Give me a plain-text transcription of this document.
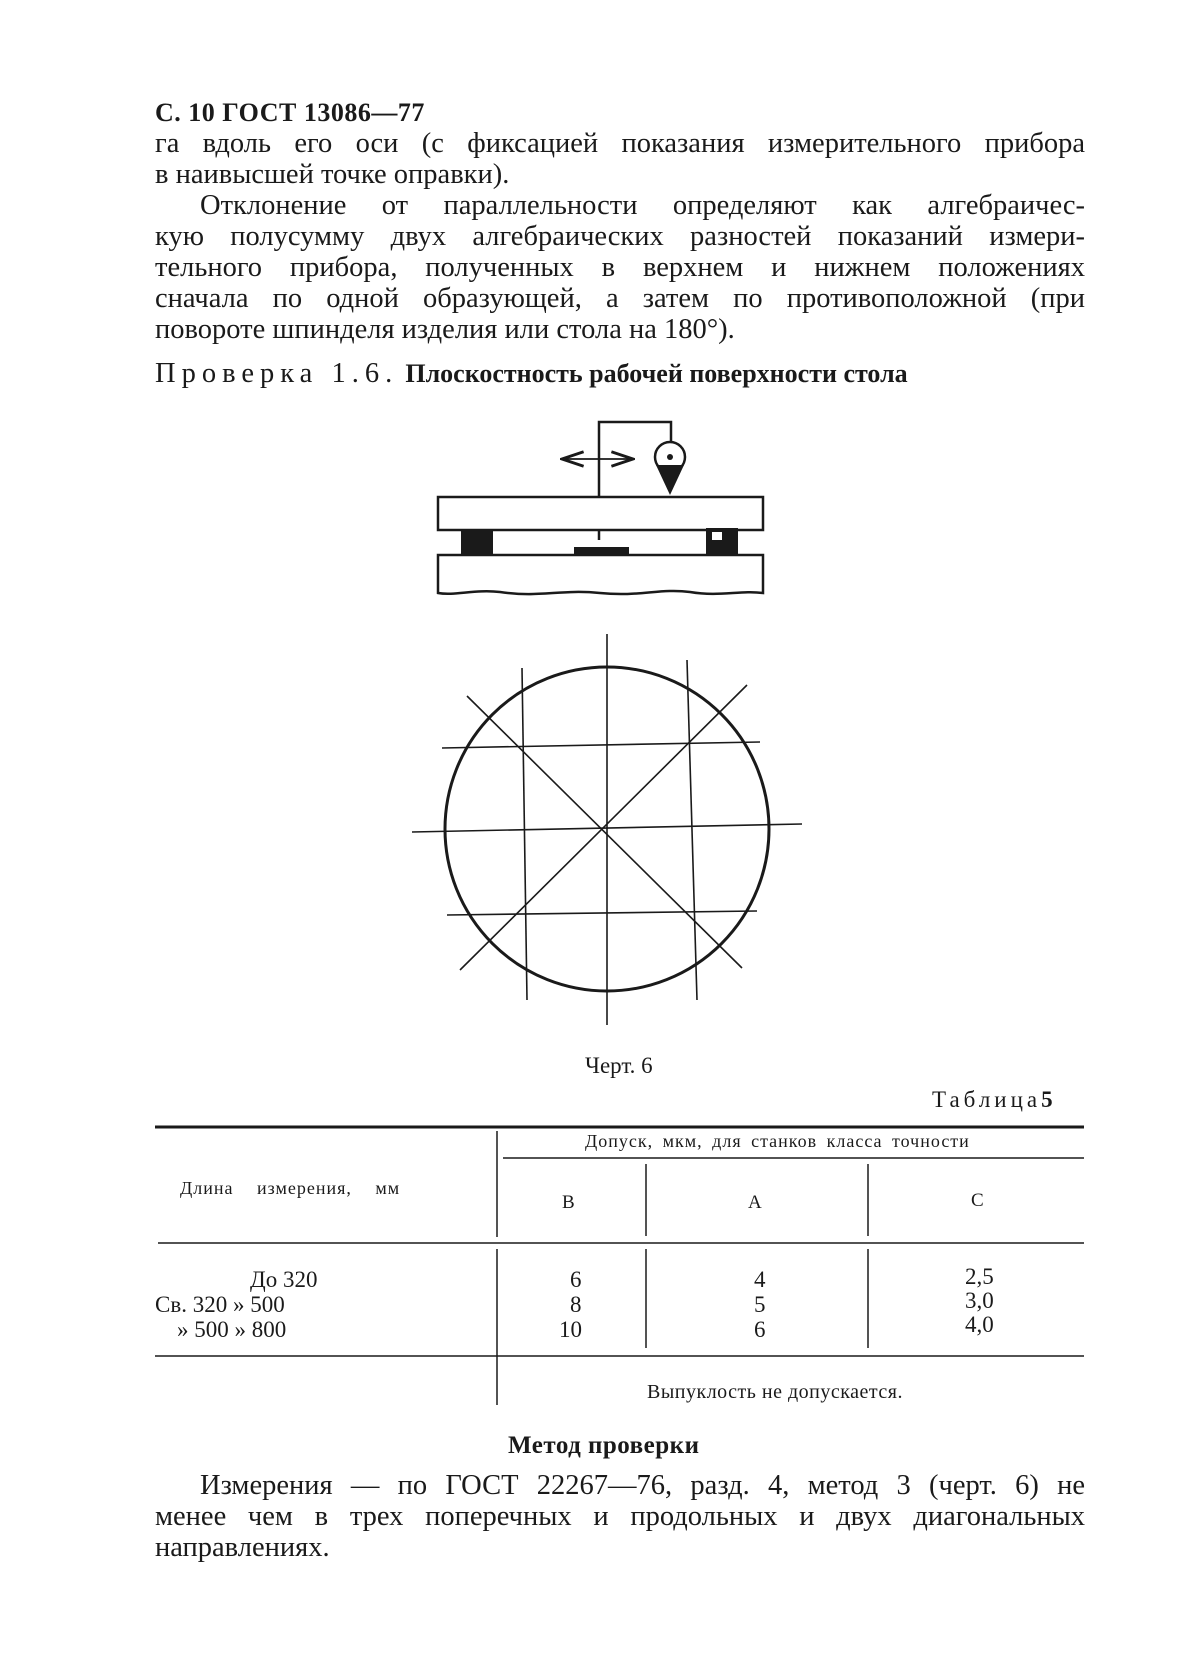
С. 10 ГОСТ 13086—77
га вдоль его оси (с фиксацией показания измерительного прибора
в наивысшей точке оправки).
Отклонение от параллельности определяют как алгебраичес-
кую полусумму двух алгебраических разностей показаний измери-
тельного прибора, полученных в верхнем и нижнем положениях
сначала по одной образующей, а затем по противоположной (при
повороте шпинделя изделия или стола на 180°).
Проверка 1.6. Плоскостность рабочей поверхности стола
Черт. 6
Таблица5
Длина измерения, мм
Допуск, мкм, для станков класса точности
В	А	С
До 320	6	4	2,5
Св. 320 » 500	8	5	3,0
» 500 » 800	10	6	4,0
Выпуклость не допускается.
Метод проверки
Измерения — по ГОСТ 22267—76, разд. 4, метод 3 (черт. 6) не
менее чем в трех поперечных и продольных и двух диагональных
направлениях.
